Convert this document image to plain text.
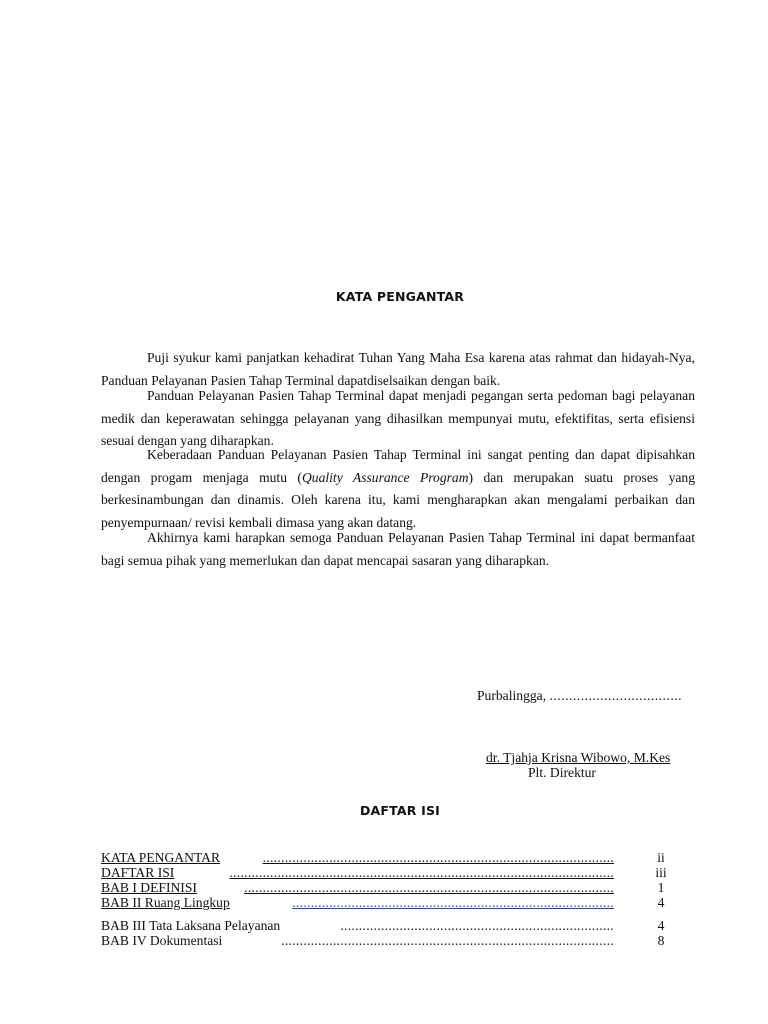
KATA PENGANTAR

Puji syukur kami panjatkan kehadirat Tuhan Yang Maha Esa karena atas rahmat dan hidayah-Nya, Panduan Pelayanan Pasien Tahap Terminal dapatdiselsaikan dengan baik.

Panduan Pelayanan Pasien Tahap Terminal dapat menjadi pegangan serta pedoman bagi pelayanan medik dan keperawatan sehingga pelayanan yang dihasilkan mempunyai mutu, efektifitas, serta efisiensi sesuai dengan yang diharapkan.

Keberadaan Panduan Pelayanan Pasien Tahap Terminal ini sangat penting dan dapat dipisahkan dengan progam menjaga mutu (Quality Assurance Program) dan merupakan suatu proses yang berkesinambungan dan dinamis. Oleh karena itu, kami mengharapkan akan mengalami perbaikan dan penyempurnaan/ revisi kembali dimasa yang akan datang.

Akhirnya kami harapkan semoga Panduan Pelayanan Pasien Tahap Terminal ini dapat bermanfaat bagi semua pihak yang memerlukan dan dapat mencapai sasaran yang diharapkan.

Purbalingga, ..................................
dr. Tjahja Krisna Wibowo, M.Kes
Plt. Direktur
DAFTAR ISI
KATA PENGANTAR	...............................................................................................	ii
DAFTAR ISI	........................................................................................................	iii
BAB I DEFINISI	....................................................................................................	1
BAB II Ruang Lingkup	.......................................................................................	4
BAB III Tata Laksana Pelayanan	..........................................................................	4
BAB IV Dokumentasi	..........................................................................................	8
